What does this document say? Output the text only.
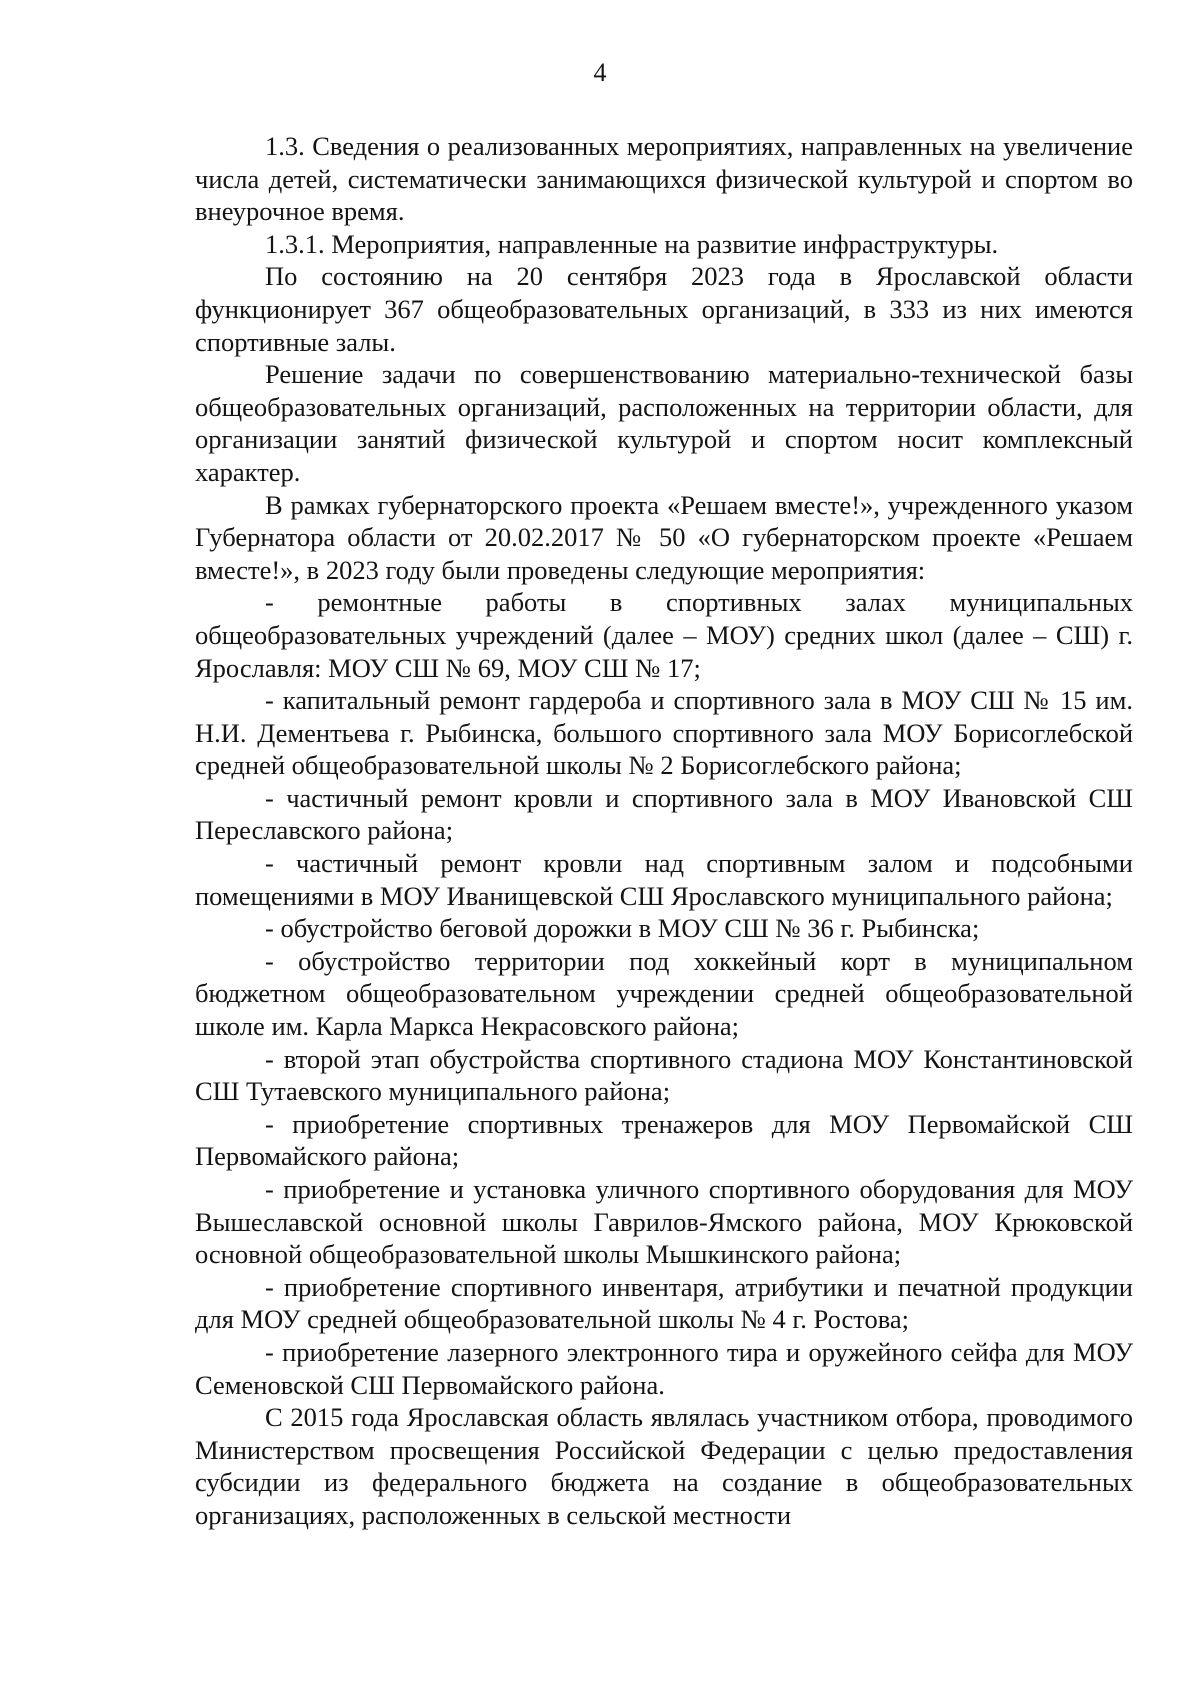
4

1.3. Сведения о реализованных мероприятиях, направленных на увеличение числа детей, систематически занимающихся физической культурой и спортом во внеурочное время.

1.3.1. Мероприятия, направленные на развитие инфраструктуры.

По состоянию на 20 сентября 2023 года в Ярославской области функционирует 367 общеобразовательных организаций, в 333 из них имеются спортивные залы.

Решение задачи по совершенствованию материально-технической базы общеобразовательных организаций, расположенных на территории области, для организации занятий физической культурой и спортом носит комплексный характер.

В рамках губернаторского проекта «Решаем вместе!», учрежденного указом Губернатора области от 20.02.2017 № 50 «О губернаторском проекте «Решаем вместе!», в 2023 году были проведены следующие мероприятия:

- ремонтные работы в спортивных залах муниципальных общеобразовательных учреждений (далее – МОУ) средних школ (далее – СШ) г. Ярославля: МОУ СШ № 69, МОУ СШ № 17;

- капитальный ремонт гардероба и спортивного зала в МОУ СШ № 15 им. Н.И. Дементьева г. Рыбинска, большого спортивного зала МОУ Борисоглебской средней общеобразовательной школы № 2 Борисоглебского района;

- частичный ремонт кровли и спортивного зала в МОУ Ивановской СШ Переславского района;

- частичный ремонт кровли над спортивным залом и подсобными помещениями в МОУ Иванищевской СШ Ярославского муниципального района;

- обустройство беговой дорожки в МОУ СШ № 36 г. Рыбинска;

- обустройство территории под хоккейный корт в муниципальном бюджетном общеобразовательном учреждении средней общеобразовательной школе им. Карла Маркса Некрасовского района;

- второй этап обустройства спортивного стадиона МОУ Константиновской СШ Тутаевского муниципального района;

- приобретение спортивных тренажеров для МОУ Первомайской СШ Первомайского района;

- приобретение и установка уличного спортивного оборудования для МОУ Вышеславской основной школы Гаврилов-Ямского района, МОУ Крюковской основной общеобразовательной школы Мышкинского района;

- приобретение спортивного инвентаря, атрибутики и печатной продукции для МОУ средней общеобразовательной школы № 4 г. Ростова;

- приобретение лазерного электронного тира и оружейного сейфа для МОУ Семеновской СШ Первомайского района.

С 2015 года Ярославская область являлась участником отбора, проводимого Министерством просвещения Российской Федерации с целью предоставления субсидии из федерального бюджета на создание в общеобразовательных организациях, расположенных в сельской местности
